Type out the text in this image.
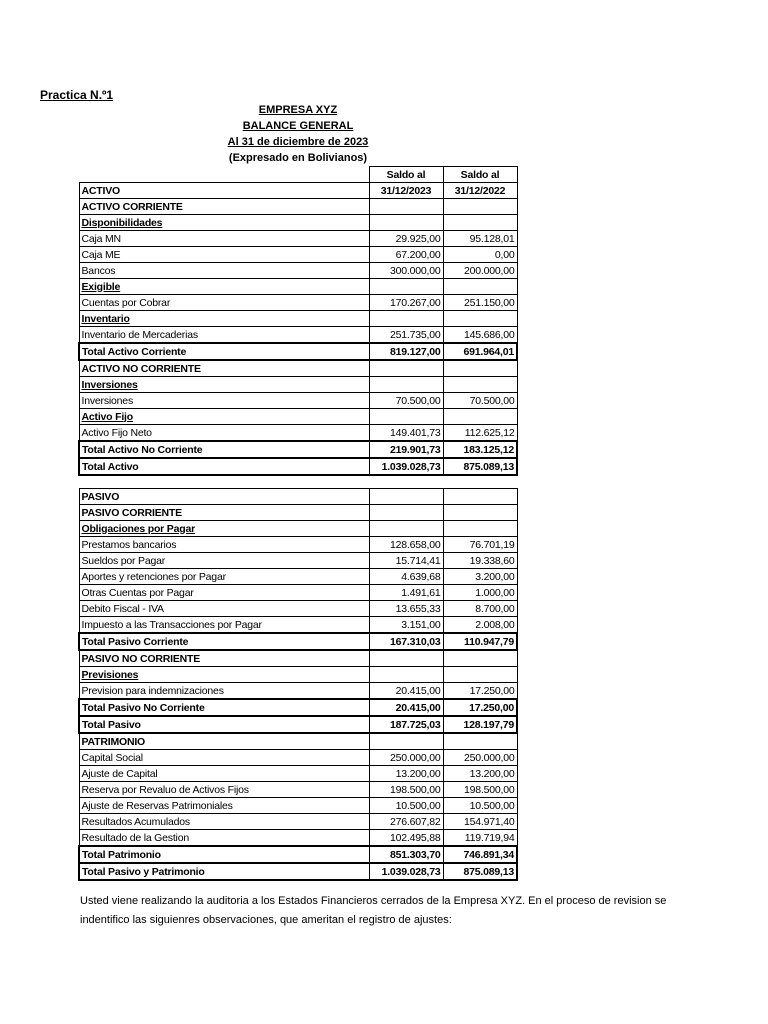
Practica N.º1
EMPRESA XYZ
BALANCE GENERAL
Al 31 de diciembre de 2023
(Expresado en Bolivianos)
	Saldo al	Saldo al
ACTIVO	31/12/2023	31/12/2022
ACTIVO CORRIENTE		
Disponibilidades		
Caja MN	29.925,00	95.128,01
Caja ME	67.200,00	0,00
Bancos	300.000,00	200.000,00
Exigible		
Cuentas por Cobrar	170.267,00	251.150,00
Inventario		
Inventario de Mercaderias	251.735,00	145.686,00
Total Activo Corriente	819.127,00	691.964,01
ACTIVO NO CORRIENTE		
Inversiones		
Inversiones	70.500,00	70.500,00
Activo Fijo		
Activo Fijo Neto	149.401,73	112.625,12
Total Activo No Corriente	219.901,73	183.125,12
Total Activo	1.039.028,73	875.089,13
PASIVO		
PASIVO CORRIENTE		
Obligaciones por Pagar		
Prestamos bancarios	128.658,00	76.701,19
Sueldos por Pagar	15.714,41	19.338,60
Aportes y retenciones por Pagar	4.639,68	3.200,00
Otras Cuentas por Pagar	1.491,61	1.000,00
Debito Fiscal - IVA	13.655,33	8.700,00
Impuesto a las Transacciones por Pagar	3.151,00	2.008,00
Total Pasivo Corriente	167.310,03	110.947,79
PASIVO NO CORRIENTE		
Previsiones		
Prevision para indemnizaciones	20.415,00	17.250,00
Total Pasivo No Corriente	20.415,00	17.250,00
Total Pasivo	187.725,03	128.197,79
PATRIMONIO		
Capital Social	250.000,00	250.000,00
Ajuste de Capital	13.200,00	13.200,00
Reserva por Revaluo de Activos Fijos	198.500,00	198.500,00
Ajuste de Reservas Patrimoniales	10.500,00	10.500,00
Resultados Acumulados	276.607,82	154.971,40
Resultado de la Gestion	102.495,88	119.719,94
Total Patrimonio	851.303,70	746.891,34
Total Pasivo y Patrimonio	1.039.028,73	875.089,13
Usted viene realizando la auditoria a los Estados Financieros cerrados de la Empresa XYZ. En el proceso de revision se indentifico las siguienres observaciones, que ameritan el registro de ajustes:
